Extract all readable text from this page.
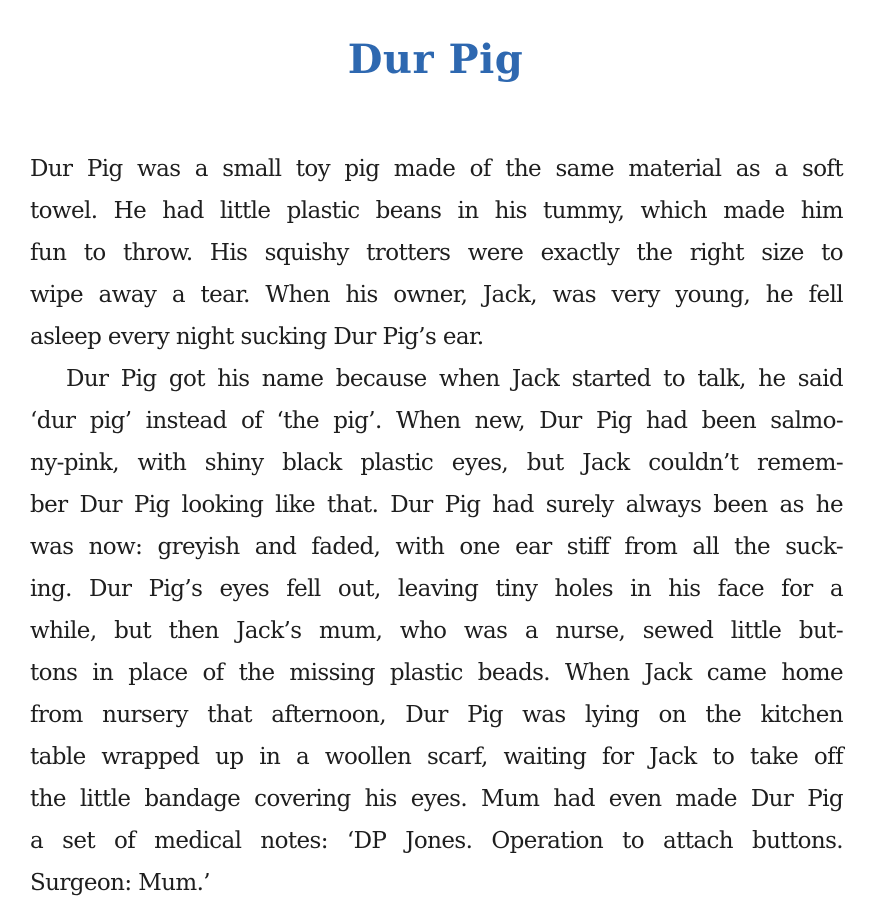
Dur Pig
Dur Pig was a small toy pig made of the same material as a soft
towel. He had little plastic beans in his tummy, which made him
fun to throw. His squishy trotters were exactly the right size to
wipe away a tear. When his owner, Jack, was very young, he fell
asleep every night sucking Dur Pig’s ear.
Dur Pig got his name because when Jack started to talk, he said
‘dur pig’ instead of ‘the pig’. When new, Dur Pig had been salmo-
ny-pink, with shiny black plastic eyes, but Jack couldn’t remem-
ber Dur Pig looking like that. Dur Pig had surely always been as he
was now: greyish and faded, with one ear stiff from all the suck-
ing. Dur Pig’s eyes fell out, leaving tiny holes in his face for a
while, but then Jack’s mum, who was a nurse, sewed little but-
tons in place of the missing plastic beads. When Jack came home
from nursery that afternoon, Dur Pig was lying on the kitchen
table wrapped up in a woollen scarf, waiting for Jack to take off
the little bandage covering his eyes. Mum had even made Dur Pig
a set of medical notes: ‘DP Jones. Operation to attach buttons.
Surgeon: Mum.’
